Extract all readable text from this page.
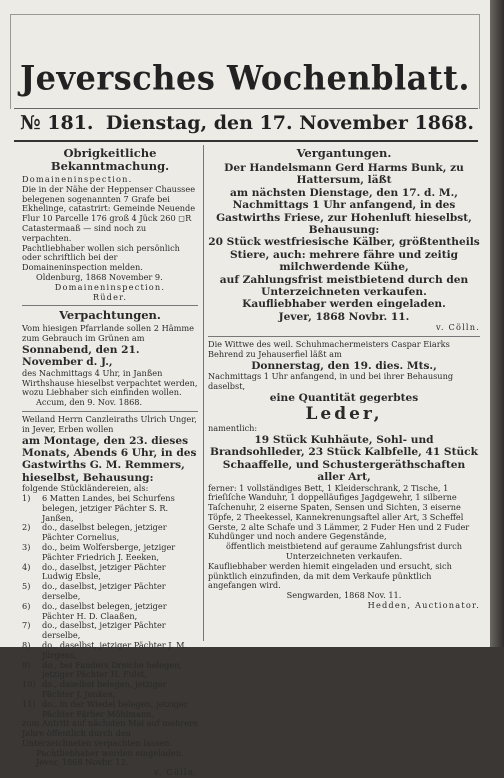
Jeversches Wochenblatt.
№ 181. Dienstag, den 17. November 1868.

Obrigkeitliche Bekanntmachung.

Domaineninspection.

Die in der Nähe der Heppenser Chaussee belegenen sogenannten 7 Grafe bei Ekhelinge, catastrirt: Gemeinde Neuende Flur 10 Parcelle 176 groß 4 Jück 260 ◻R Catastermaaß — sind noch zu verpachten.

Pachtliebhaber wollen sich persönlich oder schriftlich bei der Domaineninspection melden.

Oldenburg, 1868 November 9.

Domaineninspection.

Rüder.

Verpachtungen.

Vom hiesigen Pfarrlande sollen 2 Hämme zum Gebrauch im Grünen am

Sonnabend, den 21. November d. J.,

des Nachmittags 4 Uhr, in Janßen Wirthshause hieselbst verpachtet werden, wozu Liebhaber sich einfinden wollen.

Accum, den 9. Nov. 1868.

Weiland Herrn Canzleiraths Ulrich Unger, in Jever, Erben wollen

am Montage, den 23. dieses Monats, Abends 6 Uhr, in des Gastwirths G. M. Remmers, hieselbst, Behausung:

folgende Stückländereien, als:

1)	6 Matten Landes, bei Schurfens belegen, jetziger Pächter S. R. Janßen,
2)	do., daselbst belegen, jetziger Pächter Cornelius,
3)	do., beim Wolfersberge, jetziger Pächter Friedrich J. Eeeken,
4)	do., daselbst, jetziger Pächter Ludwig Ebsle,
5)	do., daselbst, jetziger Pächter derselbe,
6)	do., daselbst belegen, jetziger Pächter H. D. Claaßen,
7)	do., daselbst, jetziger Pächter derselbe,
8)	do., daselbst, jetziger Pächter J. M. Jürgens,
9)	do., bei Fanders Dreiche belegen, jetziger Pächter H. Fulst,
10) do., daselbst belegen, jetziger Pächter J. Janken,
11) do., in der Wiedel belegen, jetziger Pächter Färber Möhlmann,

zum Antritt auf nächsten Mai auf mehrere Jahre öffentlich durch den Unterzeichneten verpachten lassen.

Pachtliebhaber werden eingeladen.

Jever, 1868 Novbr. 12.

v. Cölln.

Vergantungen.

Der Handelsmann Gerd Harms Bunk, zu Hattersum, läßt

am nächsten Dienstage, den 17. d. M.,

Nachmittags 1 Uhr anfangend, in des Gastwirths Friese, zur Hohenluft hieselbst, Behausung:

20 Stück westfriesische Kälber, größtentheils Stiere, auch: mehrere fähre und zeitig milchwerdende Kühe,

auf Zahlungsfrist meistbietend durch den Unterzeichneten verkaufen.

Kaufliebhaber werden eingeladen.

Jever, 1868 Novbr. 11.

v. Cölln.

Die Wittwe des weil. Schuhmachermeisters Caspar Eiarks Behrend zu Jehauserfiel läßt am

Donnerstag, den 19. dies. Mts.,

Nachmittags 1 Uhr anfangend, in und bei ihrer Behausung daselbst,

eine Quantität gegerbtes

Leder,

namentlich:

19 Stück Kuhhäute, Sohl- und Brandsohlleder, 23 Stück Kalbfelle, 41 Stück Schaaffelle, und Schustergeräthschaften aller Art,

ferner: 1 vollständiges Bett, 1 Kleiderschrank, 2 Tische, 1 frieſiſche Wanduhr, 1 doppelläufiges Jagdgewehr, 1 silberne Taſchenuhr, 2 eiserne Spaten, Sensen und Sichten, 3 eiserne Töpfe, 2 Theekessel, Kannekrenungsaftel aller Art, 3 Scheffel Gerste, 2 alte Schafe und 3 Lämmer, 2 Fuder Hen und 2 Fuder Kuhdünger und noch andere Gegenstände,

öffentlich meistbietend auf geraume Zahlungsfrist durch Unterzeichneten verkaufen.

Kaufliebhaber werden hiemit eingeladen und ersucht, sich pünktlich einzufinden, da mit dem Verkaufe pünktlich angefangen wird.

Sengwarden, 1868 Nov. 11.

Hedden, Auctionator.
